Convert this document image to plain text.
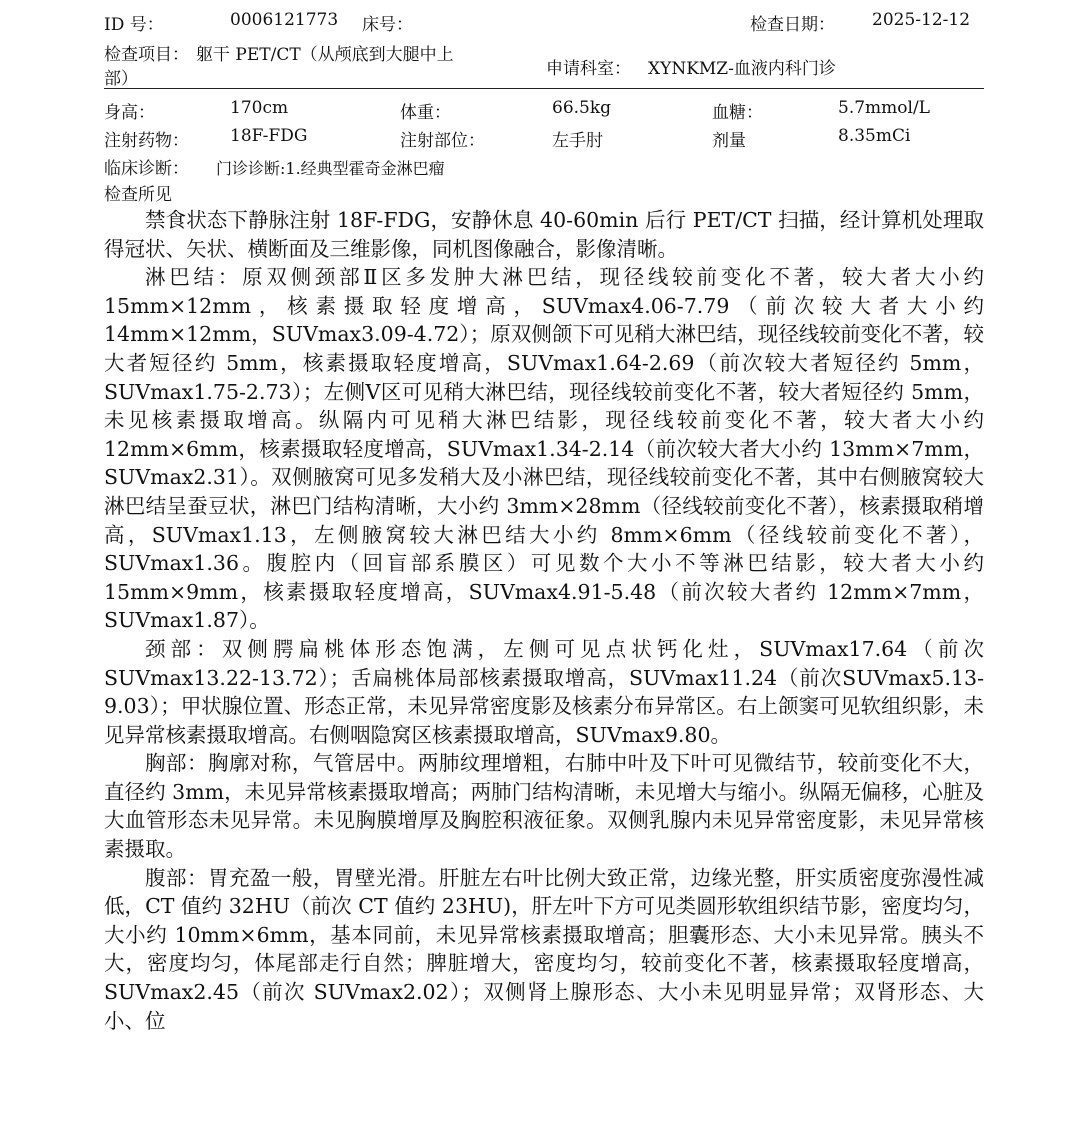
ID 号：	0006121773 床号：	检查日期： 2025-12-12
检查项目： 躯干 PET/CT（从颅底到大腿中上
部）	申请科室： XYNKMZ-血液内科门诊
身高：	170cm	体重：	66.5kg	血糖：	5.7mmol/L
注射药物： 18F-FDG	注射部位：	左手肘	剂量	8.35mCi
临床诊断： 门诊诊断:1.经典型霍奇金淋巴瘤
检查所见

禁食状态下静脉注射 18F-FDG，安静休息 40-60min 后行 PET/CT 扫描，经计算机处理取得冠状、矢状、横断面及三维影像，同机图像融合，影像清晰。

淋巴结：原双侧颈部Ⅱ区多发肿大淋巴结，现径线较前变化不著，较大者大小约 15mm×12mm，核素摄取轻度增高，SUVmax4.06-7.79（前次较大者大小约 14mm×12mm，SUVmax3.09-4.72）；原双侧颌下可见稍大淋巴结，现径线较前变化不著，较大者短径约 5mm，核素摄取轻度增高，SUVmax1.64-2.69（前次较大者短径约 5mm，SUVmax1.75-2.73）；左侧Ⅴ区可见稍大淋巴结，现径线较前变化不著，较大者短径约 5mm，未见核素摄取增高。纵隔内可见稍大淋巴结影，现径线较前变化不著，较大者大小约 12mm×6mm，核素摄取轻度增高，SUVmax1.34-2.14（前次较大者大小约 13mm×7mm，SUVmax2.31）。双侧腋窝可见多发稍大及小淋巴结，现径线较前变化不著，其中右侧腋窝较大淋巴结呈蚕豆状，淋巴门结构清晰，大小约 3mm×28mm（径线较前变化不著），核素摄取稍增高，SUVmax1.13，左侧腋窝较大淋巴结大小约 8mm×6mm（径线较前变化不著），SUVmax1.36。腹腔内（回盲部系膜区）可见数个大小不等淋巴结影，较大者大小约 15mm×9mm，核素摄取轻度增高，SUVmax4.91-5.48（前次较大者约 12mm×7mm，SUVmax1.87）。

颈部：双侧腭扁桃体形态饱满，左侧可见点状钙化灶，SUVmax17.64（前次 SUVmax13.22-13.72）；舌扁桃体局部核素摄取增高，SUVmax11.24（前次SUVmax5.13-9.03）；甲状腺位置、形态正常，未见异常密度影及核素分布异常区。右上颌窦可见软组织影，未见异常核素摄取增高。右侧咽隐窝区核素摄取增高，SUVmax9.80。

胸部：胸廓对称，气管居中。两肺纹理增粗，右肺中叶及下叶可见微结节，较前变化不大，直径约 3mm，未见异常核素摄取增高；两肺门结构清晰，未见增大与缩小。纵隔无偏移，心脏及大血管形态未见异常。未见胸膜增厚及胸腔积液征象。双侧乳腺内未见异常密度影，未见异常核素摄取。

腹部：胃充盈一般，胃壁光滑。肝脏左右叶比例大致正常，边缘光整，肝实质密度弥漫性减低，CT 值约 32HU（前次 CT 值约 23HU)，肝左叶下方可见类圆形软组织结节影，密度均匀，大小约 10mm×6mm，基本同前，未见异常核素摄取增高；胆囊形态、大小未见异常。胰头不大，密度均匀，体尾部走行自然；脾脏增大，密度均匀，较前变化不著，核素摄取轻度增高，SUVmax2.45（前次 SUVmax2.02）；双侧肾上腺形态、大小未见明显异常；双肾形态、大小、位
